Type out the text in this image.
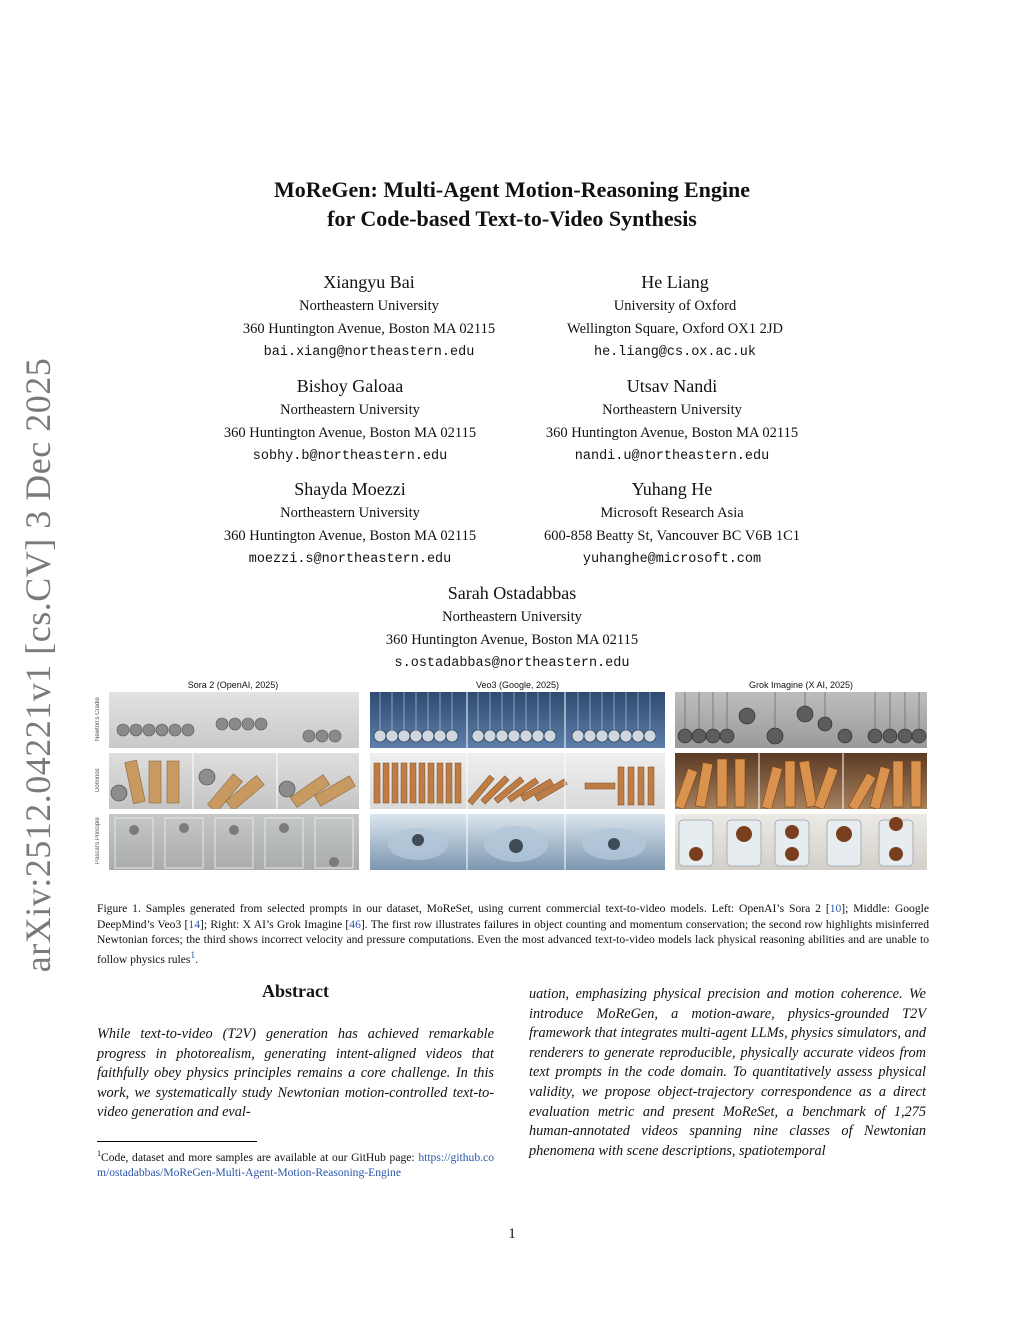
arXiv:2512.04221v1 [cs.CV] 3 Dec 2025
MoReGen: Multi-Agent Motion-Reasoning Engine
for Code-based Text-to-Video Synthesis
Xiangyu Bai
Northeastern University
360 Huntington Avenue, Boston MA 02115
bai.xiang@northeastern.edu
He Liang
University of Oxford
Wellington Square, Oxford OX1 2JD
he.liang@cs.ox.ac.uk
Bishoy Galoaa
Northeastern University
360 Huntington Avenue, Boston MA 02115
sobhy.b@northeastern.edu
Utsav Nandi
Northeastern University
360 Huntington Avenue, Boston MA 02115
nandi.u@northeastern.edu
Shayda Moezzi
Northeastern University
360 Huntington Avenue, Boston MA 02115
moezzi.s@northeastern.edu
Yuhang He
Microsoft Research Asia
600-858 Beatty St, Vancouver BC V6B 1C1
yuhanghe@microsoft.com
Sarah Ostadabbas
Northeastern University
360 Huntington Avenue, Boston MA 02115
s.ostadabbas@northeastern.edu
Sora 2 (OpenAI, 2025)	Veo3 (Google, 2025)	Grok Imagine (X AI, 2025)
Newton's Cradle
Dominos
Pascal's Principle
Figure 1. Samples generated from selected prompts in our dataset, MoReSet, using current commercial text-to-video models. Left: OpenAI’s Sora 2 [10]; Middle: Google DeepMind’s Veo3 [14]; Right: X AI’s Grok Imagine [46]. The first row illustrates failures in object counting and momentum conservation; the second row highlights misinferred Newtonian forces; the third shows incorrect velocity and pressure computations. Even the most advanced text-to-video models lack physical reasoning abilities and are unable to follow physics rules$^1$.
Abstract
While text-to-video (T2V) generation has achieved remarkable progress in photorealism, generating intent-aligned videos that faithfully obey physics principles remains a core challenge. In this work, we systematically study Newtonian motion-controlled text-to-video generation and eval-
uation, emphasizing physical precision and motion coherence. We introduce MoReGen, a motion-aware, physics-grounded T2V framework that integrates multi-agent LLMs, physics simulators, and renderers to generate reproducible, physically accurate videos from text prompts in the code domain. To quantitatively assess physical validity, we propose object-trajectory correspondence as a direct evaluation metric and present MoReSet, a benchmark of 1,275 human-annotated videos spanning nine classes of Newtonian phenomena with scene descriptions, spatiotemporal
$^1$Code, dataset and more samples are available at our GitHub page: https://github.com/ostadabbas/MoReGen-Multi-Agent-Motion-Reasoning-Engine
1
